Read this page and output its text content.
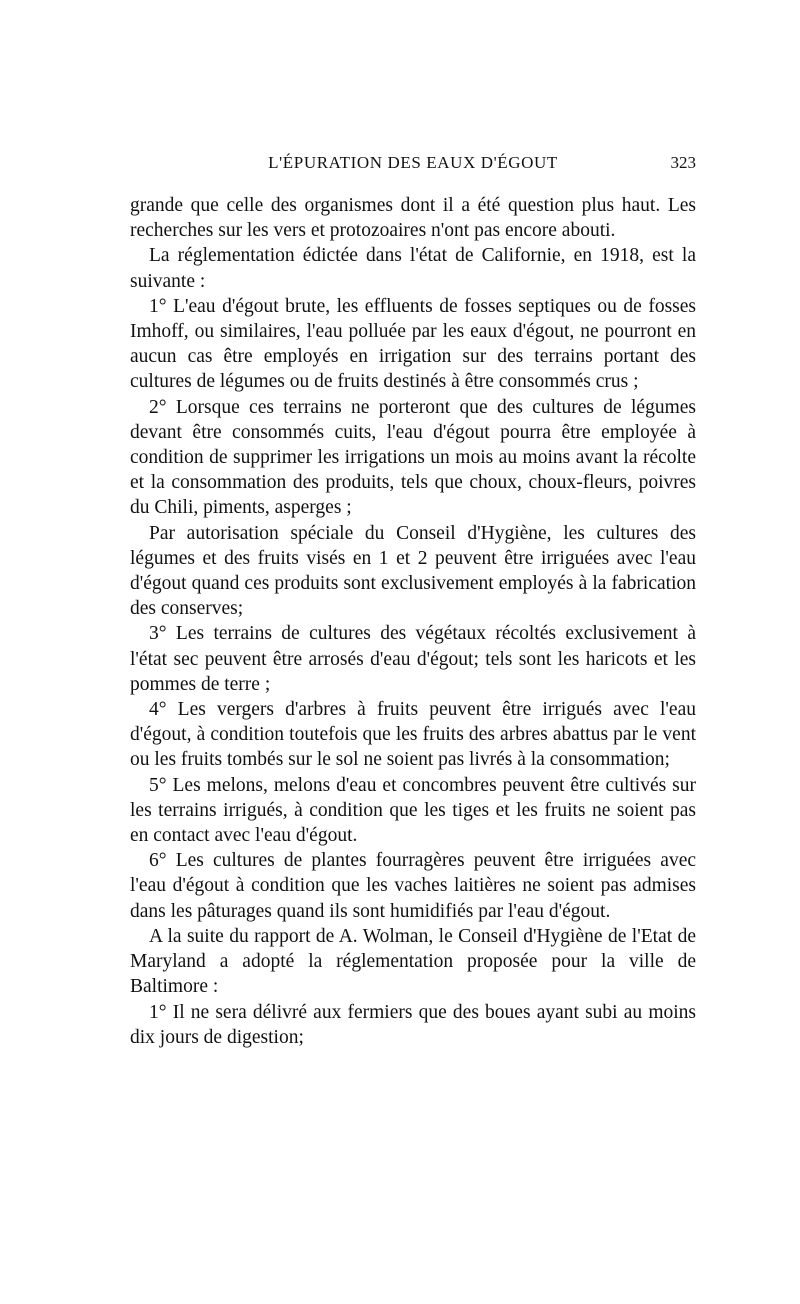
L'ÉPURATION DES EAUX D'ÉGOUT	323

grande que celle des organismes dont il a été question plus haut. Les recherches sur les vers et protozoaires n'ont pas encore abouti.

La réglementation édictée dans l'état de Californie, en 1918, est la suivante :

1° L'eau d'égout brute, les effluents de fosses septiques ou de fosses Imhoff, ou similaires, l'eau polluée par les eaux d'égout, ne pourront en aucun cas être employés en irrigation sur des terrains portant des cultures de légumes ou de fruits destinés à être consommés crus ;

2° Lorsque ces terrains ne porteront que des cultures de légumes devant être consommés cuits, l'eau d'égout pourra être employée à condition de supprimer les irrigations un mois au moins avant la récolte et la consommation des produits, tels que choux, choux-fleurs, poivres du Chili, piments, asperges ;

Par autorisation spéciale du Conseil d'Hygiène, les cultures des légumes et des fruits visés en 1 et 2 peuvent être irriguées avec l'eau d'égout quand ces produits sont exclusivement employés à la fabrication des conserves;

3° Les terrains de cultures des végétaux récoltés exclusivement à l'état sec peuvent être arrosés d'eau d'égout; tels sont les haricots et les pommes de terre ;

4° Les vergers d'arbres à fruits peuvent être irrigués avec l'eau d'égout, à condition toutefois que les fruits des arbres abattus par le vent ou les fruits tombés sur le sol ne soient pas livrés à la consommation;

5° Les melons, melons d'eau et concombres peuvent être cultivés sur les terrains irrigués, à condition que les tiges et les fruits ne soient pas en contact avec l'eau d'égout.

6° Les cultures de plantes fourragères peuvent être irriguées avec l'eau d'égout à condition que les vaches laitières ne soient pas admises dans les pâturages quand ils sont humidifiés par l'eau d'égout.

A la suite du rapport de A. Wolman, le Conseil d'Hygiène de l'Etat de Maryland a adopté la réglementation proposée pour la ville de Baltimore :

1° Il ne sera délivré aux fermiers que des boues ayant subi au moins dix jours de digestion;
